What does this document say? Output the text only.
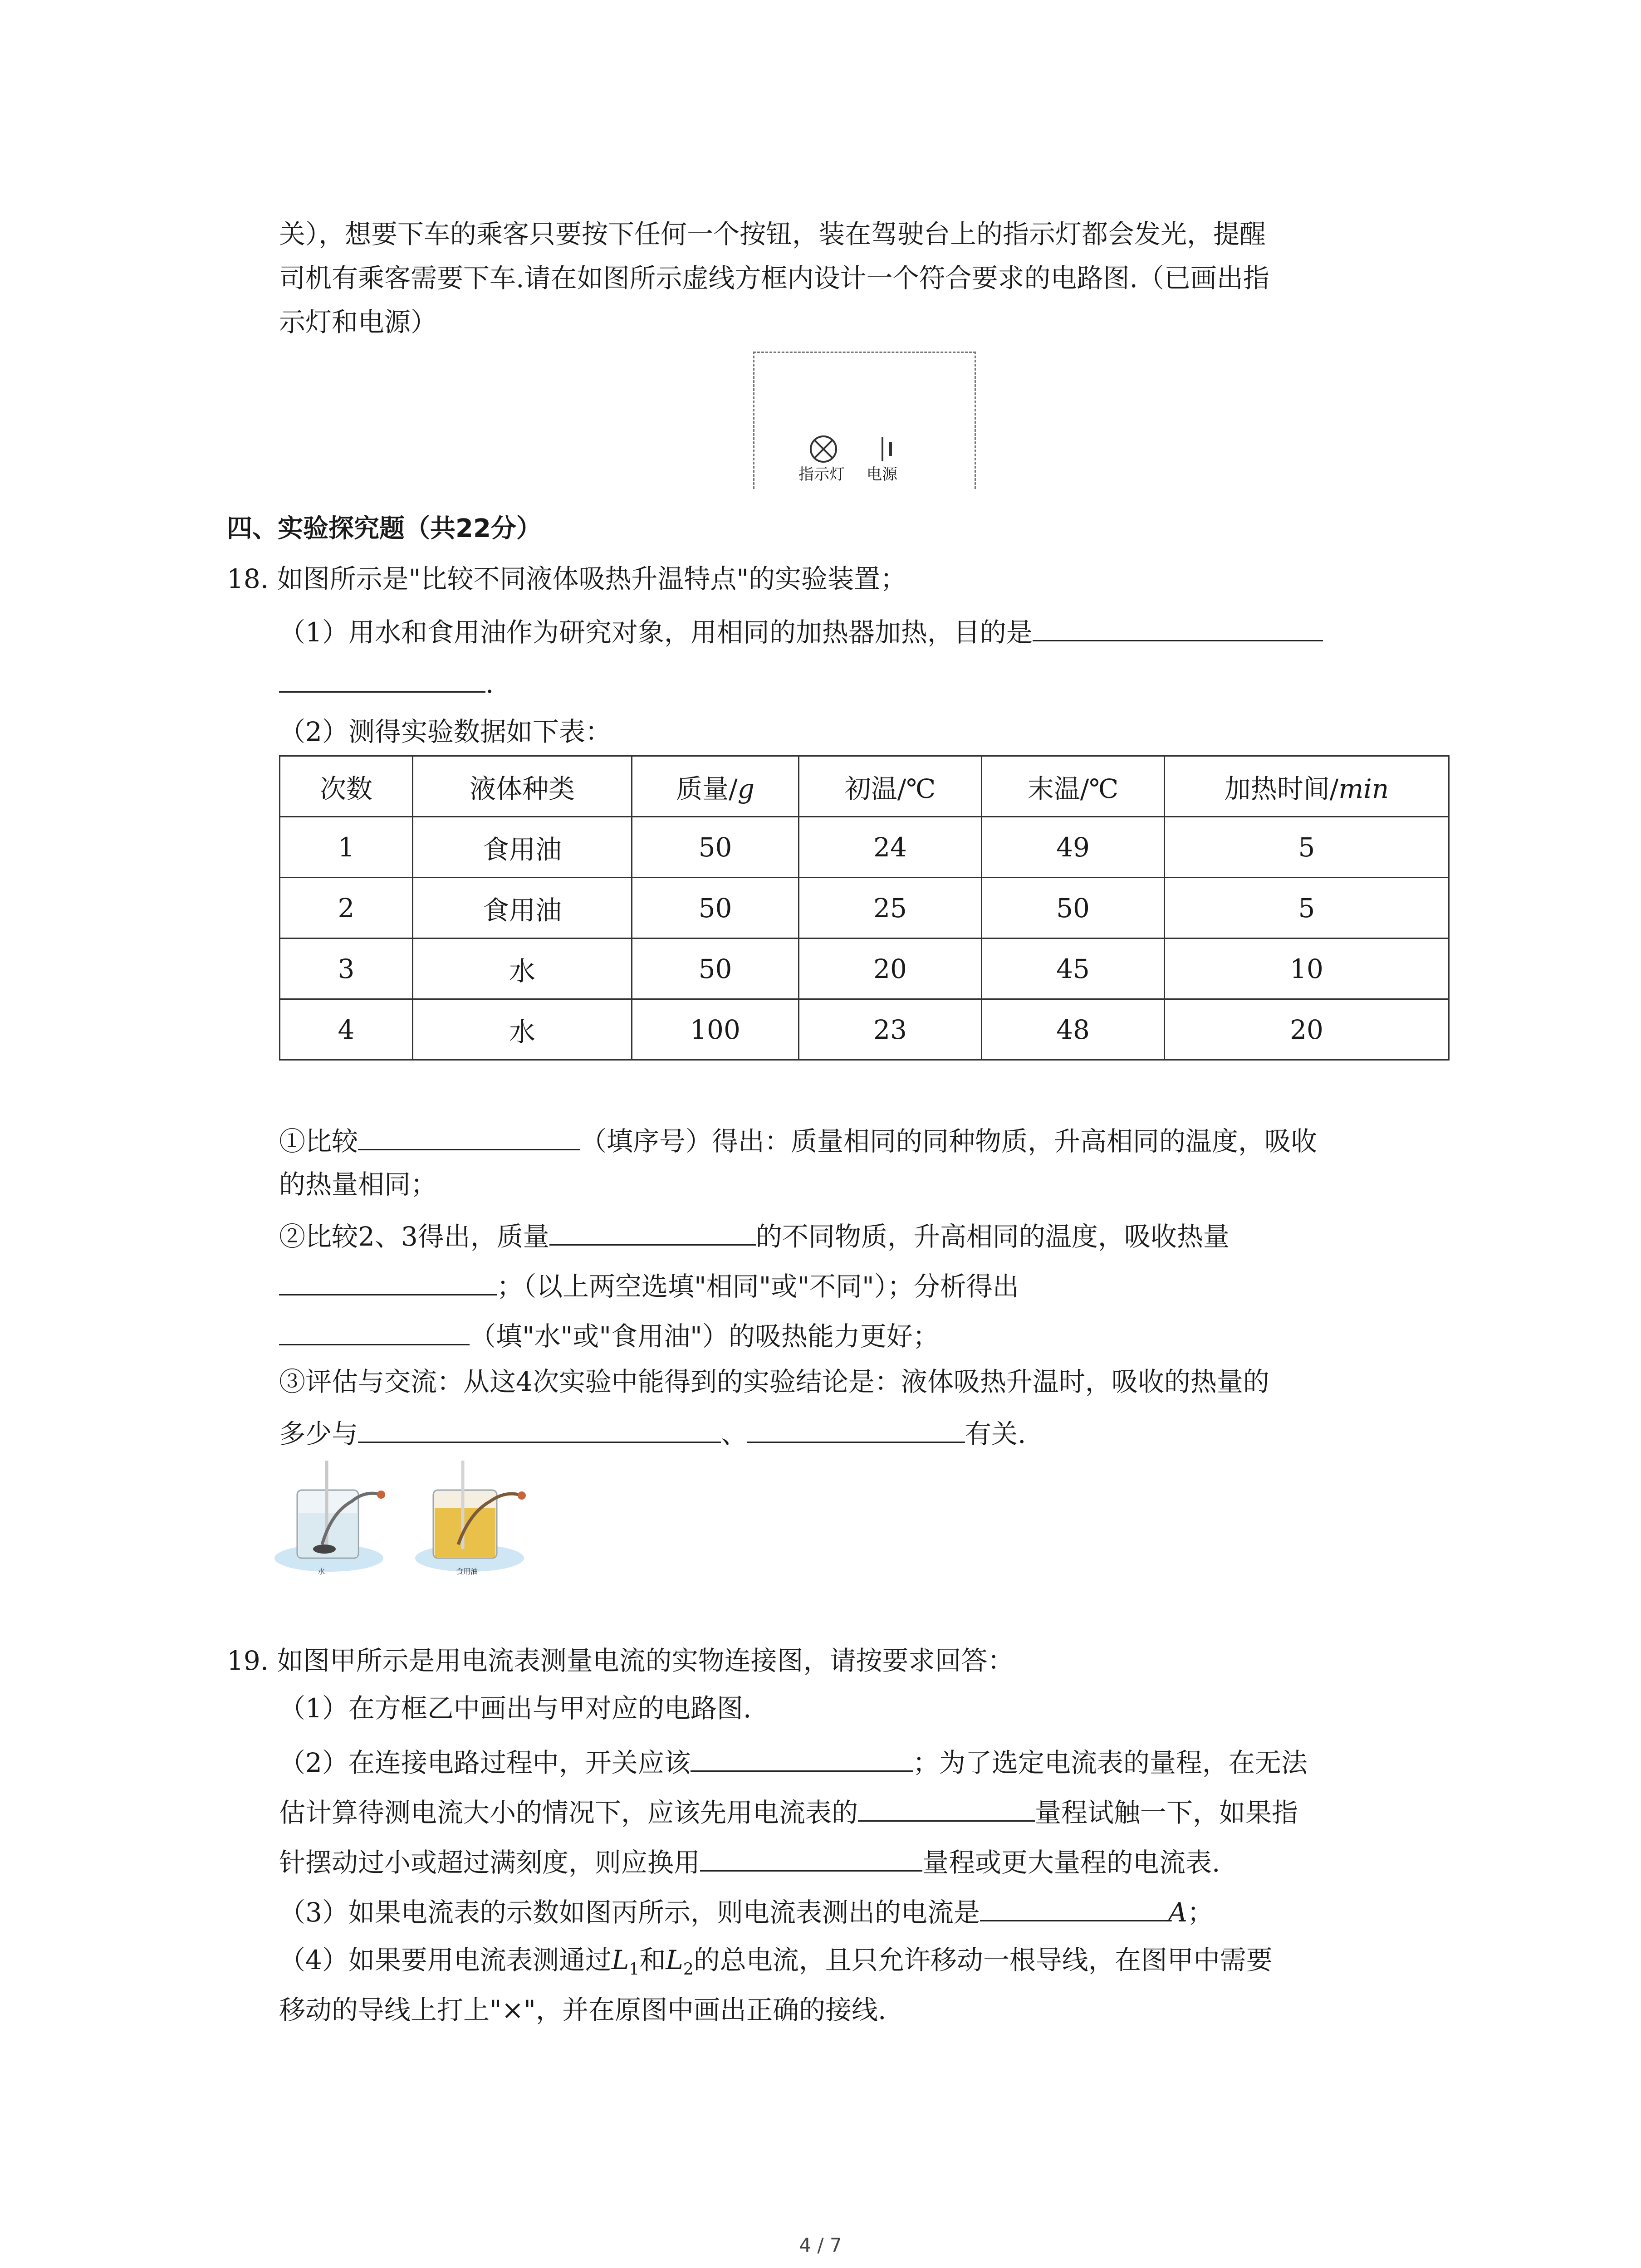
关），想要下车的乘客只要按下任何一个按钮，装在驾驶台上的指示灯都会发光，提醒
司机有乘客需要下车.请在如图所示虚线方框内设计一个符合要求的电路图.（已画出指
示灯和电源）
指示灯 电源
四、实验探究题（共22分）
18. 如图所示是"比较不同液体吸热升温特点"的实验装置；
（1）用水和食用油作为研究对象，用相同的加热器加热，目的是
.
（2）测得实验数据如下表：
次数	液体种类	质量/g	初温/℃	末温/℃	加热时间/min
1	食用油	50	24	49	5
2	食用油	50	25	50	5
3	水	50	20	45	10
4	水	100	23	48	20
①比较	（填序号）得出：质量相同的同种物质，升高相同的温度，吸收
的热量相同；
②比较2、3得出，质量	的不同物质，升高相同的温度，吸收热量
；（以上两空选填"相同"或"不同"）；分析得出
（填"水"或"食用油"）的吸热能力更好；
③评估与交流：从这4次实验中能得到的实验结论是：液体吸热升温时，吸收的热量的
多少与	、	有关.
水	食用油
19. 如图甲所示是用电流表测量电流的实物连接图，请按要求回答：
（1）在方框乙中画出与甲对应的电路图.
（2）在连接电路过程中，开关应该	；为了选定电流表的量程，在无法
估计算待测电流大小的情况下，应该先用电流表的	量程试触一下，如果指
针摆动过小或超过满刻度，则应换用	量程或更大量程的电流表.
（3）如果电流表的示数如图丙所示，则电流表测出的电流是	A；
（4）如果要用电流表测通过$L_1$和$L_2$的总电流，且只允许移动一根导线，在图甲中需要
移动的导线上打上"×"，并在原图中画出正确的接线.
4 / 7
